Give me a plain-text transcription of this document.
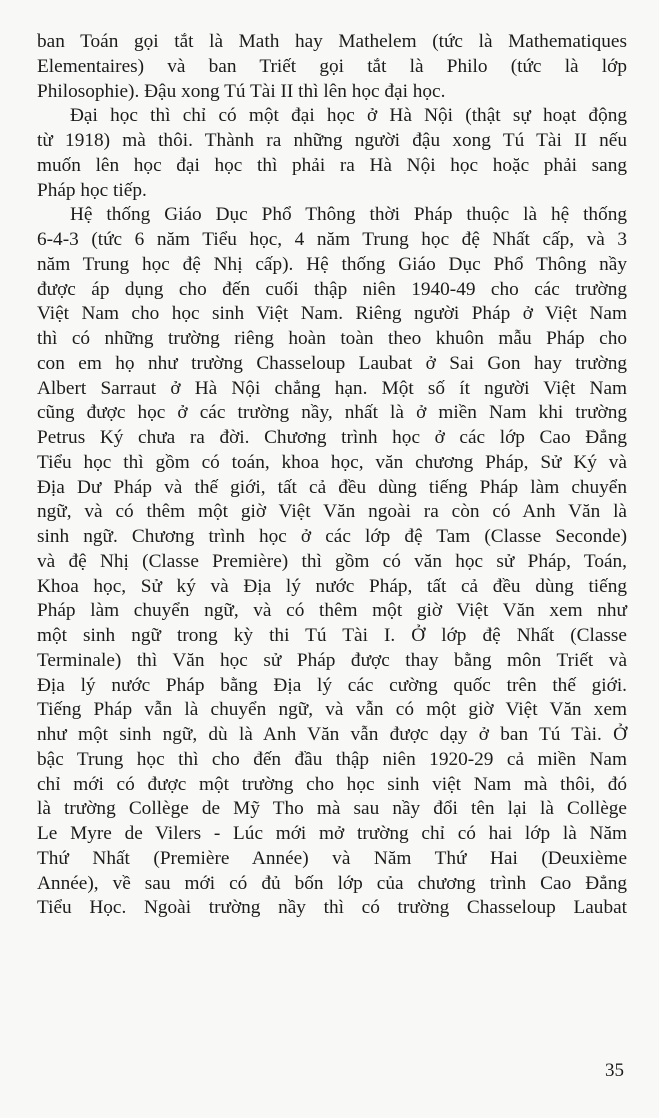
ban Toán gọi tắt là Math hay Mathelem (tức là Mathematiques
Elementaires) và ban Triết gọi tắt là Philo (tức là lớp
Philosophie). Đậu xong Tú Tài II thì lên học đại học.
Đại học thì chỉ có một đại học ở Hà Nội (thật sự hoạt động
từ 1918) mà thôi. Thành ra những người đậu xong Tú Tài II nếu
muốn lên học đại học thì phải ra Hà Nội học hoặc phải sang
Pháp học tiếp.
Hệ thống Giáo Dục Phổ Thông thời Pháp thuộc là hệ thống
6-4-3 (tức 6 năm Tiểu học, 4 năm Trung học đệ Nhất cấp, và 3
năm Trung học đệ Nhị cấp). Hệ thống Giáo Dục Phổ Thông nầy
được áp dụng cho đến cuối thập niên 1940-49 cho các trường
Việt Nam cho học sinh Việt Nam. Riêng người Pháp ở Việt Nam
thì có những trường riêng hoàn toàn theo khuôn mẫu Pháp cho
con em họ như trường Chasseloup Laubat ở Sai Gon hay trường
Albert Sarraut ở Hà Nội chẳng hạn. Một số ít người Việt Nam
cũng được học ở các trường nầy, nhất là ở miền Nam khi trường
Petrus Ký chưa ra đời. Chương trình học ở các lớp Cao Đẳng
Tiểu học thì gồm có toán, khoa học, văn chương Pháp, Sử Ký và
Địa Dư Pháp và thế giới, tất cả đều dùng tiếng Pháp làm chuyển
ngữ, và có thêm một giờ Việt Văn ngoài ra còn có Anh Văn là
sinh ngữ. Chương trình học ở các lớp đệ Tam (Classe Seconde)
và đệ Nhị (Classe Première) thì gồm có văn học sử Pháp, Toán,
Khoa học, Sử ký và Địa lý nước Pháp, tất cả đều dùng tiếng
Pháp làm chuyển ngữ, và có thêm một giờ Việt Văn xem như
một sinh ngữ trong kỳ thi Tú Tài I. Ở lớp đệ Nhất (Classe
Terminale) thì Văn học sử Pháp được thay bằng môn Triết và
Địa lý nước Pháp bằng Địa lý các cường quốc trên thế giới.
Tiếng Pháp vẫn là chuyển ngữ, và vẫn có một giờ Việt Văn xem
như một sinh ngữ, dù là Anh Văn vẫn được dạy ở ban Tú Tài. Ở
bậc Trung học thì cho đến đầu thập niên 1920-29 cả miền Nam
chỉ mới có được một trường cho học sinh việt Nam mà thôi, đó
là trường Collège de Mỹ Tho mà sau nầy đổi tên lại là Collège
Le Myre de Vilers - Lúc mới mở trường chỉ có hai lớp là Năm
Thứ Nhất (Première Année) và Năm Thứ Hai (Deuxième
Année), về sau mới có đủ bốn lớp của chương trình Cao Đẳng
Tiểu Học. Ngoài trường nầy thì có trường Chasseloup Laubat
35
